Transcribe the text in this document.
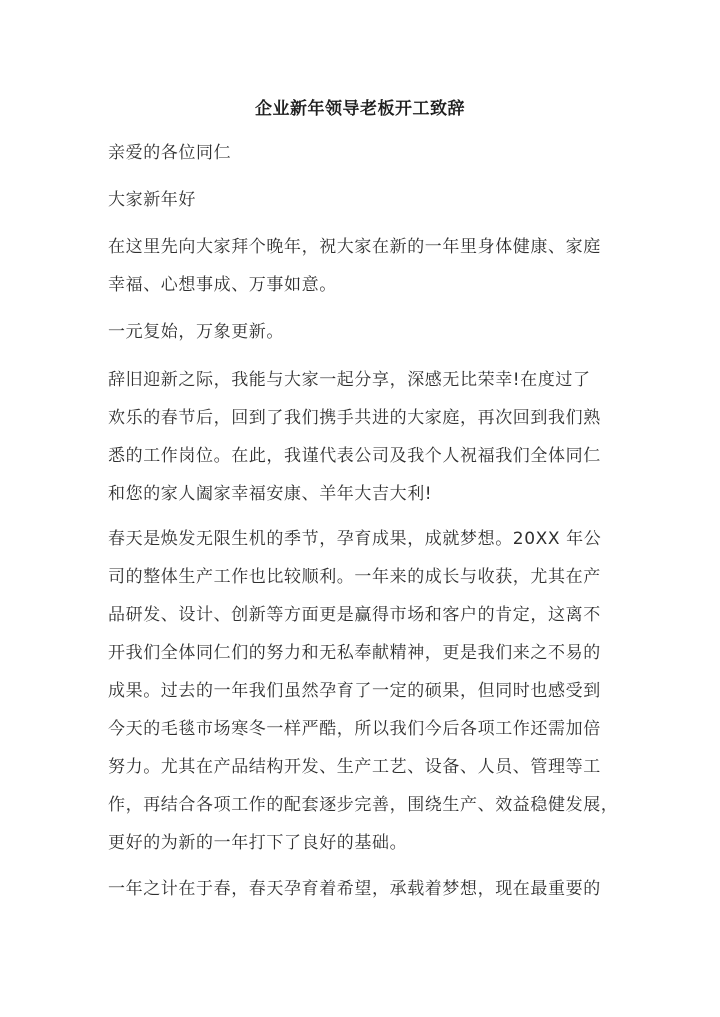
企业新年领导老板开工致辞
亲爱的各位同仁
大家新年好
在这里先向大家拜个晚年，祝大家在新的一年里身体健康、家庭
幸福、心想事成、万事如意。
一元复始，万象更新。
辞旧迎新之际，我能与大家一起分享，深感无比荣幸!在度过了
欢乐的春节后，回到了我们携手共进的大家庭，再次回到我们熟
悉的工作岗位。在此，我谨代表公司及我个人祝福我们全体同仁
和您的家人阖家幸福安康、羊年大吉大利!
春天是焕发无限生机的季节，孕育成果，成就梦想。20XX 年公
司的整体生产工作也比较顺利。一年来的成长与收获，尤其在产
品研发、设计、创新等方面更是赢得市场和客户的肯定，这离不
开我们全体同仁们的努力和无私奉献精神，更是我们来之不易的
成果。过去的一年我们虽然孕育了一定的硕果，但同时也感受到
今天的毛毯市场寒冬一样严酷，所以我们今后各项工作还需加倍
努力。尤其在产品结构开发、生产工艺、设备、人员、管理等工
作，再结合各项工作的配套逐步完善，围绕生产、效益稳健发展，
更好的为新的一年打下了良好的基础。
一年之计在于春，春天孕育着希望，承载着梦想，现在最重要的
